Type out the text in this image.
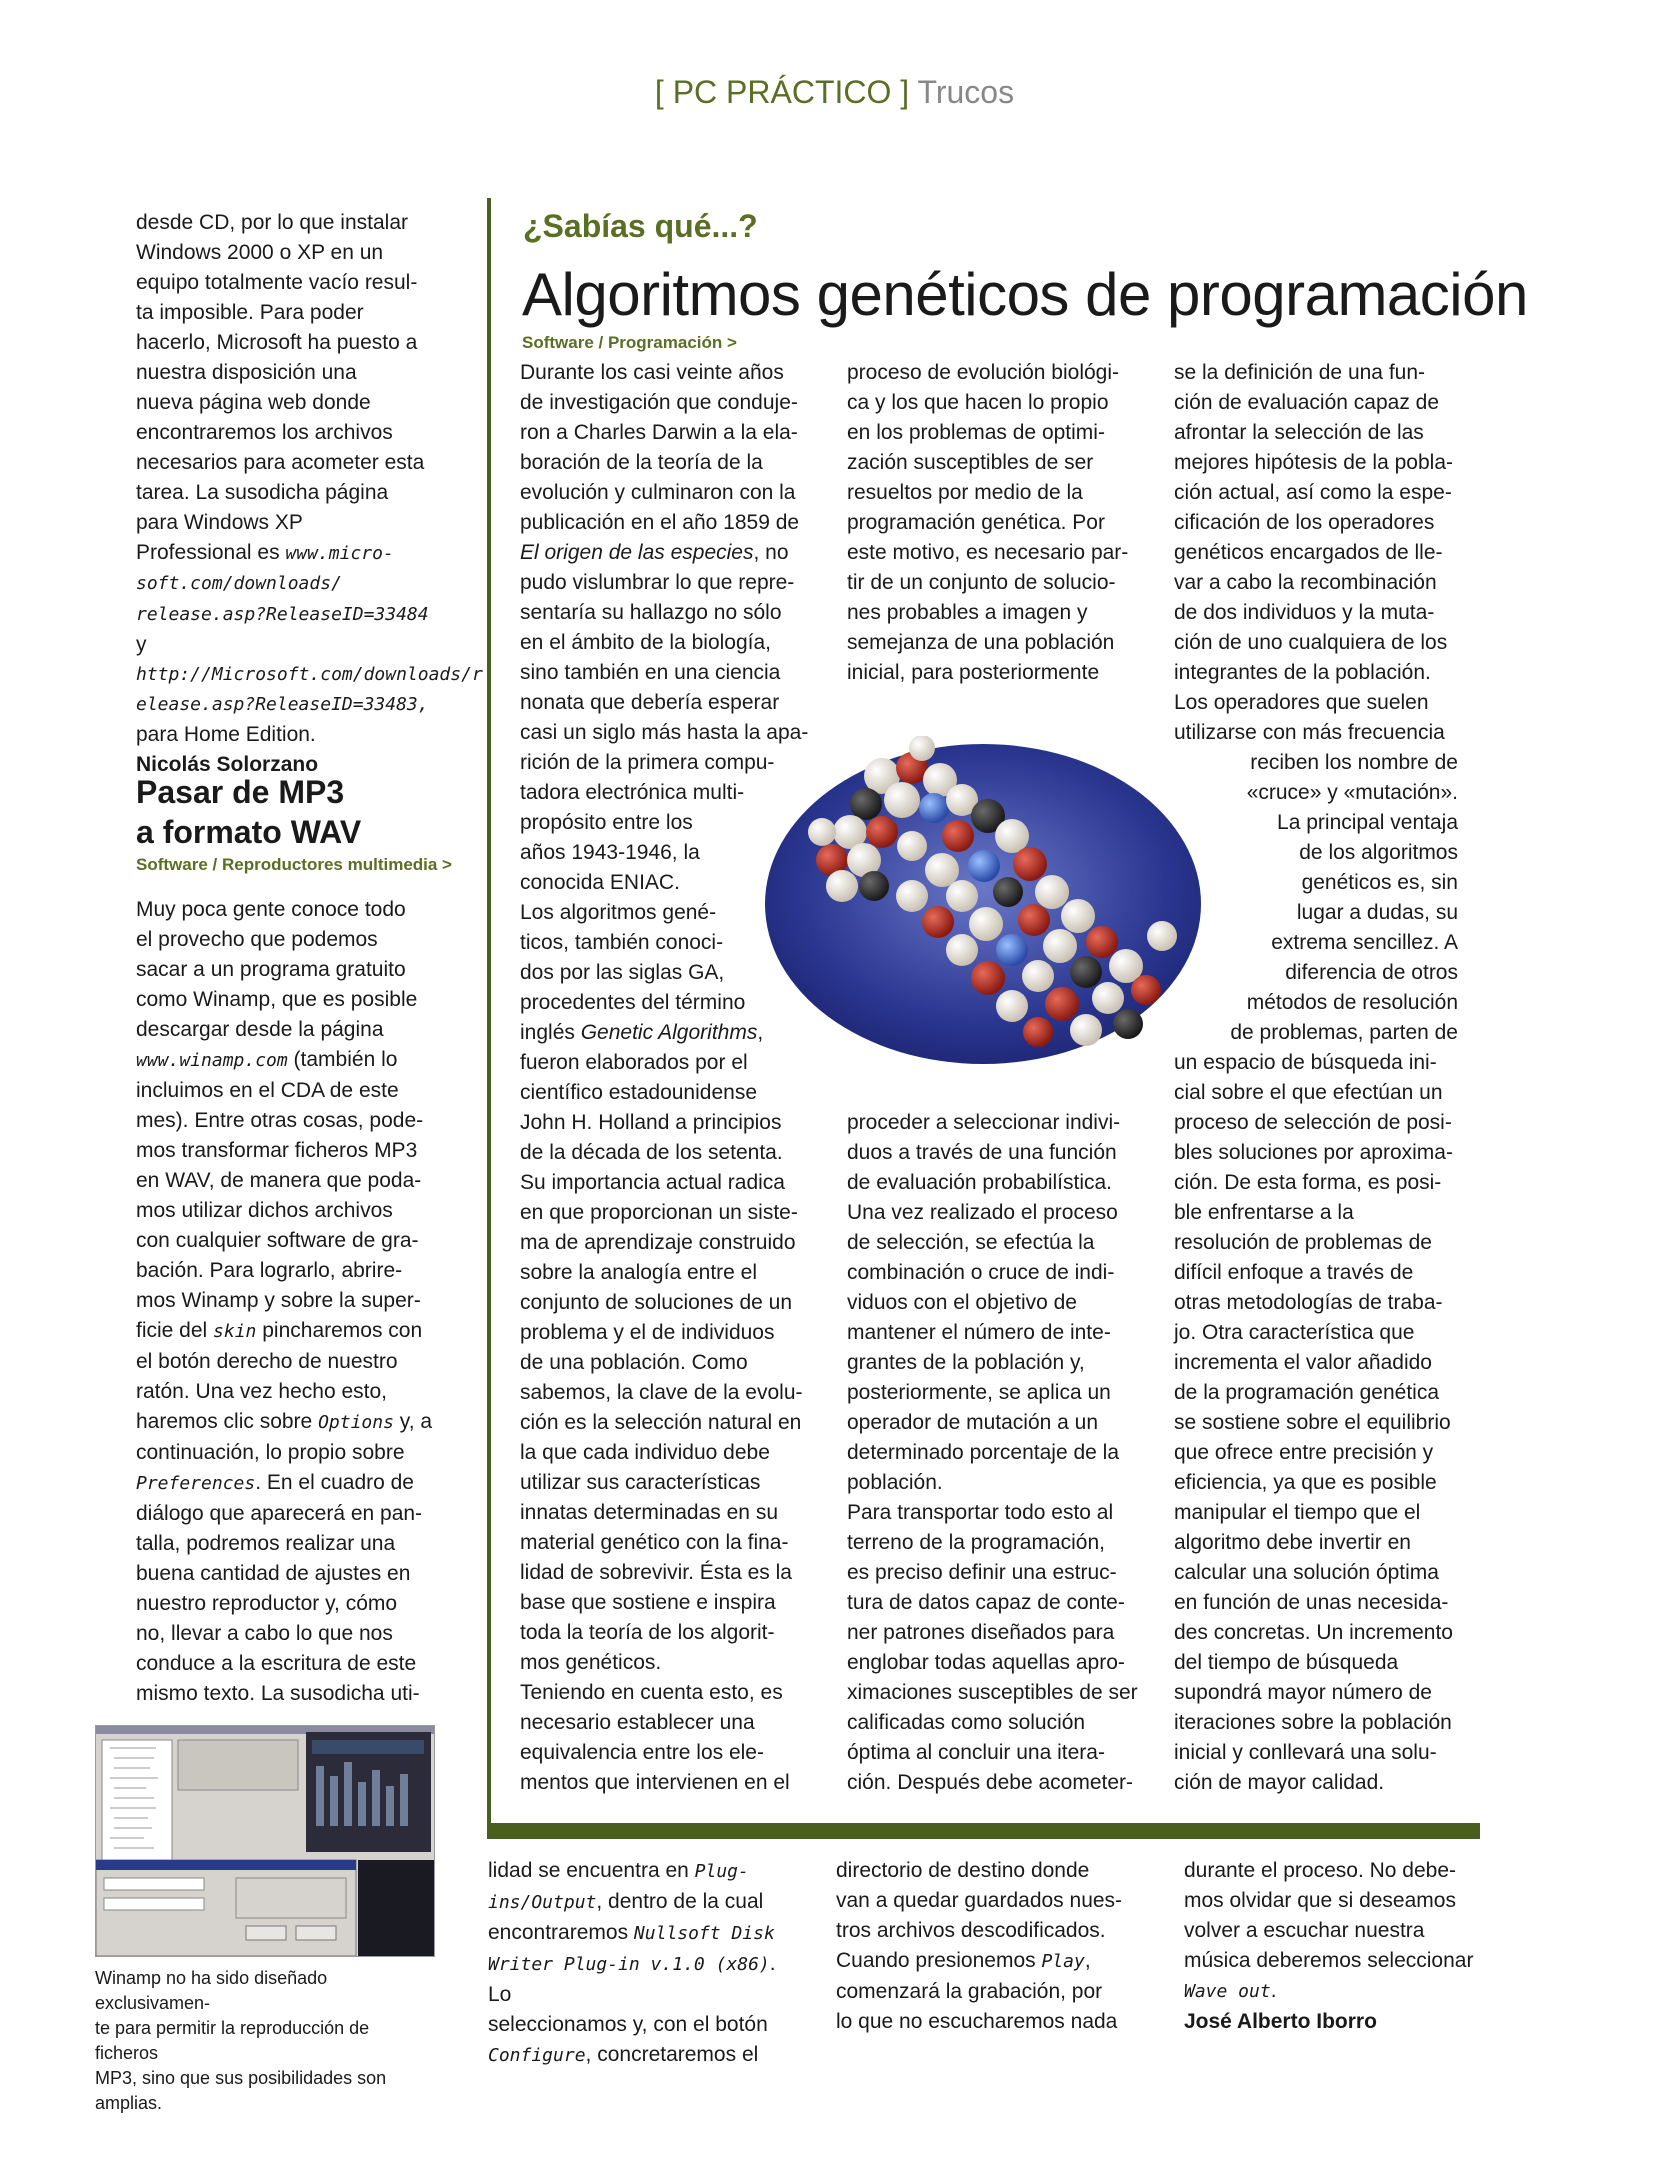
[ PC PRÁCTICO ] Trucos

desde CD, por lo que instalar

Windows 2000 o XP en un

equipo totalmente vacío resul-

ta imposible. Para poder

hacerlo, Microsoft ha puesto a

nuestra disposición una

nueva página web donde

encontraremos los archivos

necesarios para acometer esta

tarea. La susodicha página

para Windows XP

Professional es www.micro-

soft.com/downloads/

release.asp?ReleaseID=33484 y

http://Microsoft.com/downloads/r

elease.asp?ReleaseID=33483,

para Home Edition.

Nicolás Solorzano

Pasar de MP3
a formato WAV
Software / Reproductores multimedia >

Muy poca gente conoce todo

el provecho que podemos

sacar a un programa gratuito

como Winamp, que es posible

descargar desde la página

www.winamp.com (también lo

incluimos en el CDA de este

mes). Entre otras cosas, pode-

mos transformar ficheros MP3

en WAV, de manera que poda-

mos utilizar dichos archivos

con cualquier software de gra-

bación. Para lograrlo, abrire-

mos Winamp y sobre la super-

ficie del skin pincharemos con

el botón derecho de nuestro

ratón. Una vez hecho esto,

haremos clic sobre Options y, a

continuación, lo propio sobre

Preferences. En el cuadro de

diálogo que aparecerá en pan-

talla, podremos realizar una

buena cantidad de ajustes en

nuestro reproductor y, cómo

no, llevar a cabo lo que nos

conduce a la escritura de este

mismo texto. La susodicha uti-

Winamp no ha sido diseñado exclusivamen-
te para permitir la reproducción de ficheros
MP3, sino que sus posibilidades son amplias.
¿Sabías qué...?
Algoritmos genéticos de programación
Software / Programación >

Durante los casi veinte años

de investigación que conduje-

ron a Charles Darwin a la ela-

boración de la teoría de la

evolución y culminaron con la

publicación en el año 1859 de

El origen de las especies, no

pudo vislumbrar lo que repre-

sentaría su hallazgo no sólo

en el ámbito de la biología,

sino también en una ciencia

nonata que debería esperar

casi un siglo más hasta la apa-

rición de la primera compu-

tadora electrónica multi-

propósito entre los

años 1943-1946, la

conocida ENIAC.

Los algoritmos gené-

ticos, también conoci-

dos por las siglas GA,

procedentes del término

inglés Genetic Algorithms,

fueron elaborados por el

científico estadounidense

John H. Holland a principios

de la década de los setenta.

Su importancia actual radica

en que proporcionan un siste-

ma de aprendizaje construido

sobre la analogía entre el

conjunto de soluciones de un

problema y el de individuos

de una población. Como

sabemos, la clave de la evolu-

ción es la selección natural en

la que cada individuo debe

utilizar sus características

innatas determinadas en su

material genético con la fina-

lidad de sobrevivir. Ésta es la

base que sostiene e inspira

toda la teoría de los algorit-

mos genéticos.

Teniendo en cuenta esto, es

necesario establecer una

equivalencia entre los ele-

mentos que intervienen en el

proceso de evolución biológi-

ca y los que hacen lo propio

en los problemas de optimi-

zación susceptibles de ser

resueltos por medio de la

programación genética. Por

este motivo, es necesario par-

tir de un conjunto de solucio-

nes probables a imagen y

semejanza de una población

inicial, para posteriormente

proceder a seleccionar indivi-

duos a través de una función

de evaluación probabilística.

Una vez realizado el proceso

de selección, se efectúa la

combinación o cruce de indi-

viduos con el objetivo de

mantener el número de inte-

grantes de la población y,

posteriormente, se aplica un

operador de mutación a un

determinado porcentaje de la

población.

Para transportar todo esto al

terreno de la programación,

es preciso definir una estruc-

tura de datos capaz de conte-

ner patrones diseñados para

englobar todas aquellas apro-

ximaciones susceptibles de ser

calificadas como solución

óptima al concluir una itera-

ción. Después debe acometer-

se la definición de una fun-

ción de evaluación capaz de

afrontar la selección de las

mejores hipótesis de la pobla-

ción actual, así como la espe-

cificación de los operadores

genéticos encargados de lle-

var a cabo la recombinación

de dos individuos y la muta-

ción de uno cualquiera de los

integrantes de la población.

Los operadores que suelen

utilizarse con más frecuencia

reciben los nombre de

«cruce» y «mutación».

La principal ventaja

de los algoritmos

genéticos es, sin

lugar a dudas, su

extrema sencillez. A

diferencia de otros

métodos de resolución

de problemas, parten de

un espacio de búsqueda ini-

cial sobre el que efectúan un

proceso de selección de posi-

bles soluciones por aproxima-

ción. De esta forma, es posi-

ble enfrentarse a la

resolución de problemas de

difícil enfoque a través de

otras metodologías de traba-

jo. Otra característica que

incrementa el valor añadido

de la programación genética

se sostiene sobre el equilibrio

que ofrece entre precisión y

eficiencia, ya que es posible

manipular el tiempo que el

algoritmo debe invertir en

calcular una solución óptima

en función de unas necesida-

des concretas. Un incremento

del tiempo de búsqueda

supondrá mayor número de

iteraciones sobre la población

inicial y conllevará una solu-

ción de mayor calidad.

lidad se encuentra en Plug-

ins/Output, dentro de la cual

encontraremos Nullsoft Disk

Writer Plug-in v.1.0 (x86). Lo

seleccionamos y, con el botón

Configure, concretaremos el

directorio de destino donde

van a quedar guardados nues-

tros archivos descodificados.

Cuando presionemos Play,

comenzará la grabación, por

lo que no escucharemos nada

durante el proceso. No debe-

mos olvidar que si deseamos

volver a escuchar nuestra

música deberemos seleccionar

Wave out.

José Alberto Iborro
